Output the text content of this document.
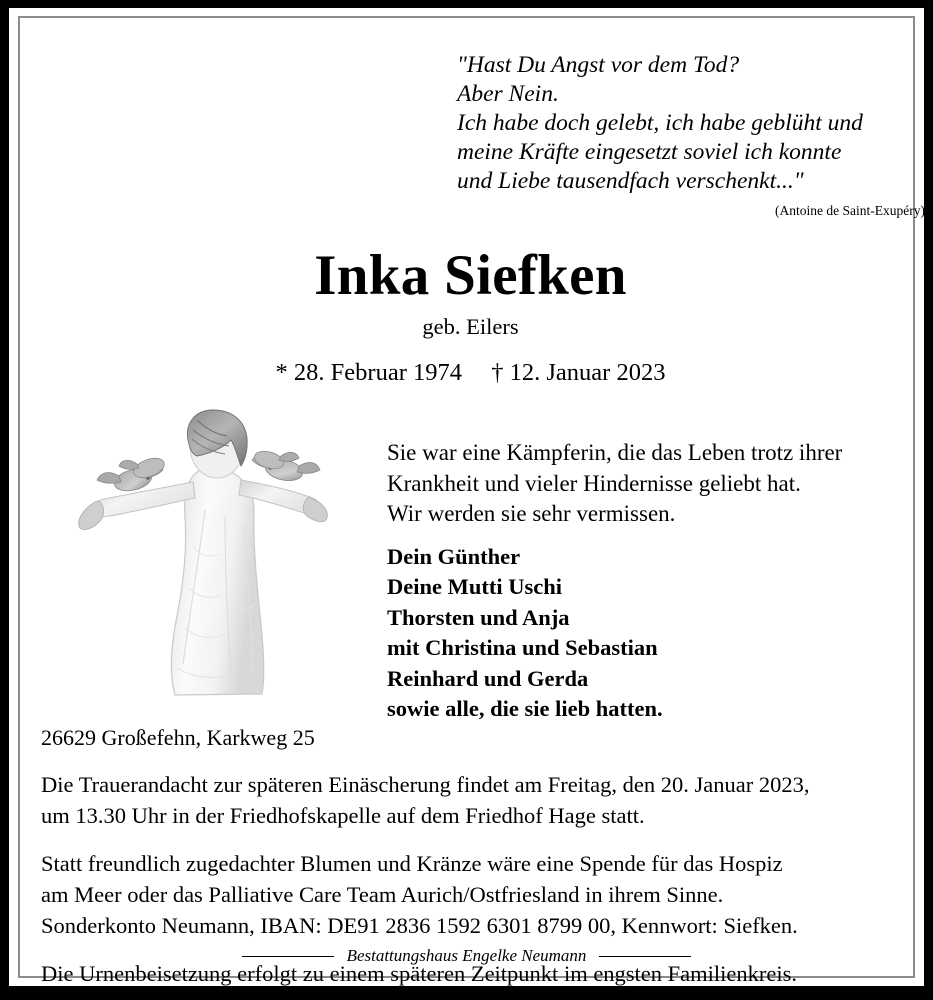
"Hast Du Angst vor dem Tod?
Aber Nein.
Ich habe doch gelebt, ich habe geblüht und
meine Kräfte eingesetzt soviel ich konnte
und Liebe tausendfach verschenkt..."
(Antoine de Saint-Exupéry)
Inka Siefken
geb. Eilers
* 28. Februar 1974 † 12. Januar 2023
Sie war eine Kämpferin, die das Leben trotz ihrer
Krankheit und vieler Hindernisse geliebt hat.
Wir werden sie sehr vermissen.
Dein Günther
Deine Mutti Uschi
Thorsten und Anja
mit Christina und Sebastian
Reinhard und Gerda
sowie alle, die sie lieb hatten.
26629 Großefehn, Karkweg 25
Die Trauerandacht zur späteren Einäscherung findet am Freitag, den 20. Januar 2023,
um 13.30 Uhr in der Friedhofskapelle auf dem Friedhof Hage statt.
Statt freundlich zugedachter Blumen und Kränze wäre eine Spende für das Hospiz
am Meer oder das Palliative Care Team Aurich/Ostfriesland in ihrem Sinne.
Sonderkonto Neumann, IBAN: DE91 2836 1592 6301 8799 00, Kennwort: Siefken.
Die Urnenbeisetzung erfolgt zu einem späteren Zeitpunkt im engsten Familienkreis.
Bestattungshaus Engelke Neumann
